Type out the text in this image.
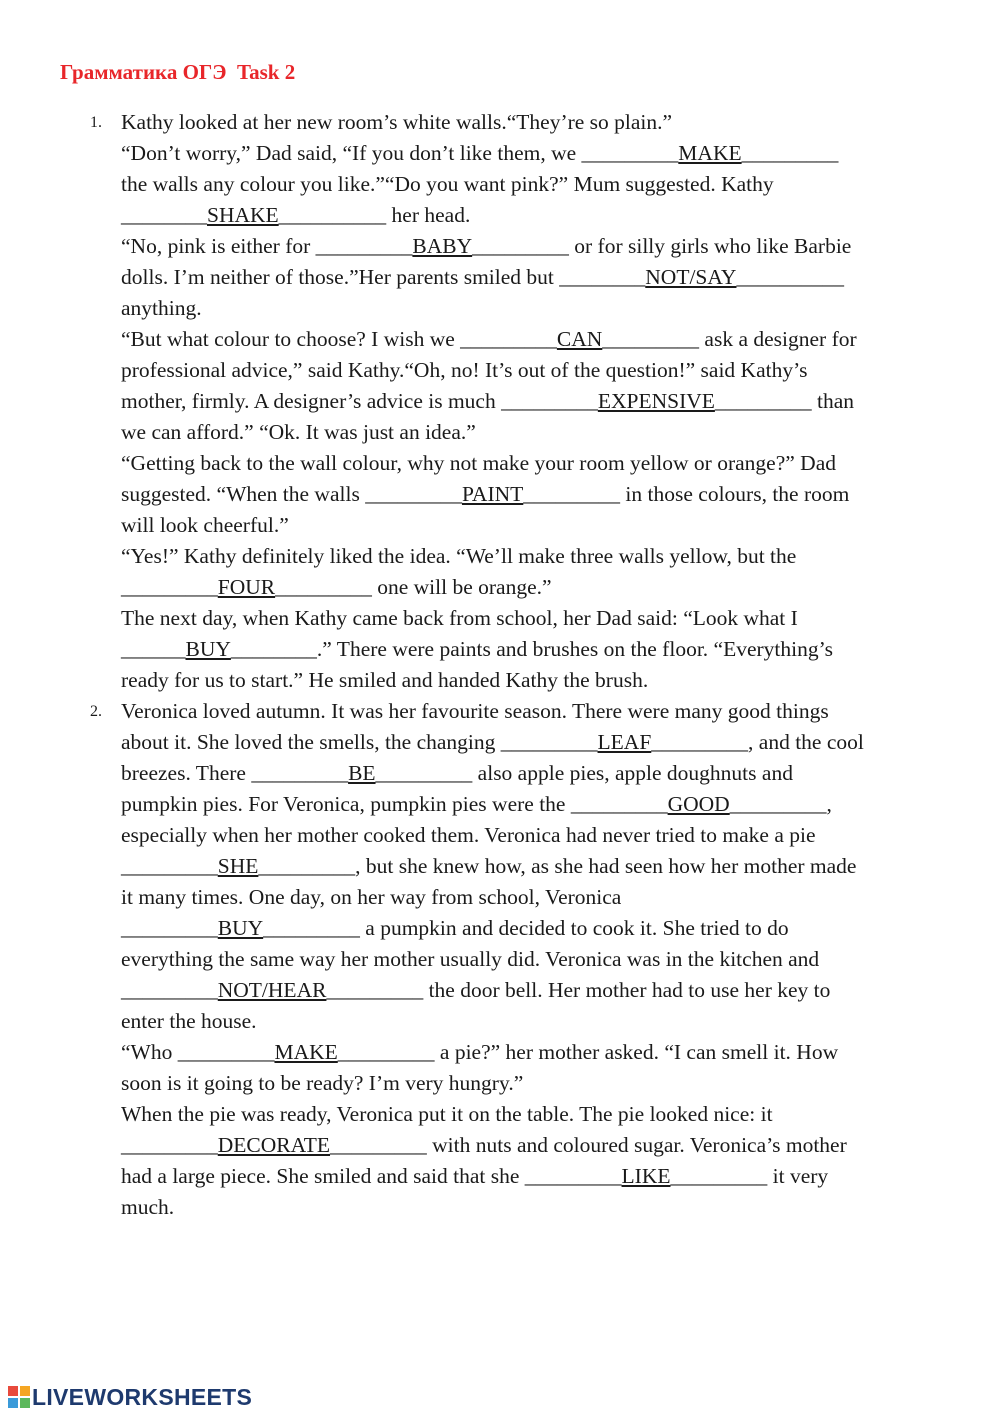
Грамматика ОГЭ  Task 2
1. Kathy looked at her new room’s white walls.“They’re so plain.”
“Don’t worry,” Dad said, “If you don’t like them, we _________MAKE_________
the walls any colour you like.”“Do you want pink?” Mum suggested. Kathy
________SHAKE__________ her head.
“No, pink is either for _________BABY_________ or for silly girls who like Barbie
dolls. I’m neither of those.”Her parents smiled but ________NOT/SAY__________
anything.
“But what colour to choose? I wish we _________CAN_________ ask a designer for
professional advice,” said Kathy.“Oh, no! It’s out of the question!” said Kathy’s
mother, firmly. A designer’s advice is much _________EXPENSIVE_________ than
we can afford.” “Ok. It was just an idea.”
“Getting back to the wall colour, why not make your room yellow or orange?” Dad
suggested. “When the walls _________PAINT_________ in those colours, the room
will look cheerful.”
“Yes!” Kathy definitely liked the idea. “We’ll make three walls yellow, but the
_________FOUR_________ one will be orange.”
The next day, when Kathy came back from school, her Dad said: “Look what I
______BUY________.” There were paints and brushes on the floor. “Everything’s
ready for us to start.” He smiled and handed Kathy the brush.
2. Veronica loved autumn. It was her favourite season. There were many good things
about it. She loved the smells, the changing _________LEAF_________, and the cool
breezes. There _________BE_________ also apple pies, apple doughnuts and
pumpkin pies. For Veronica, pumpkin pies were the _________GOOD_________,
especially when her mother cooked them. Veronica had never tried to make a pie
_________SHE_________, but she knew how, as she had seen how her mother made
it many times. One day, on her way from school, Veronica
_________BUY_________ a pumpkin and decided to cook it. She tried to do
everything the same way her mother usually did. Veronica was in the kitchen and
_________NOT/HEAR_________ the door bell. Her mother had to use her key to
enter the house.
“Who _________MAKE_________ a pie?” her mother asked. “I can smell it. How
soon is it going to be ready? I’m very hungry.”
When the pie was ready, Veronica put it on the table. The pie looked nice: it
_________DECORATE_________ with nuts and coloured sugar. Veronica’s mother
had a large piece. She smiled and said that she _________LIKE_________ it very
much.
LIVEWORKSHEETS
